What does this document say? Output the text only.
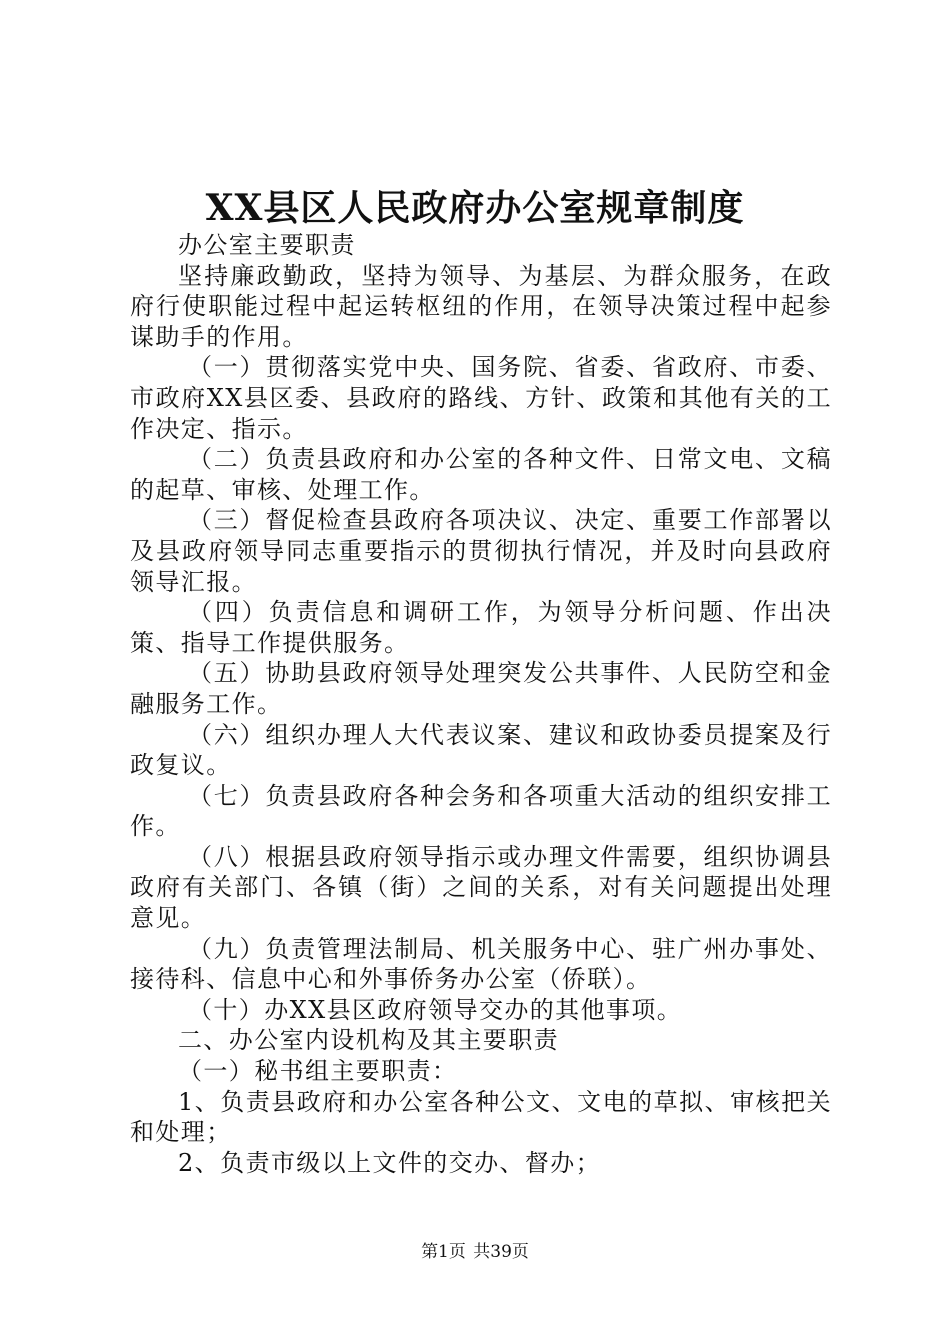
XX县区人民政府办公室规章制度

办公室主要职责

坚持廉政勤政，坚持为领导、为基层、为群众服务，在政府行使职能过程中起运转枢纽的作用，在领导决策过程中起参谋助手的作用。

（一）贯彻落实党中央、国务院、省委、省政府、市委、市政府XX县区委、县政府的路线、方针、政策和其他有关的工作决定、指示。

（二）负责县政府和办公室的各种文件、日常文电、文稿的起草、审核、处理工作。

（三）督促检查县政府各项决议、决定、重要工作部署以及县政府领导同志重要指示的贯彻执行情况，并及时向县政府领导汇报。

（四）负责信息和调研工作，为领导分析问题、作出决策、指导工作提供服务。

（五）协助县政府领导处理突发公共事件、人民防空和金融服务工作。

（六）组织办理人大代表议案、建议和政协委员提案及行政复议。

（七）负责县政府各种会务和各项重大活动的组织安排工作。

（八）根据县政府领导指示或办理文件需要，组织协调县政府有关部门、各镇（街）之间的关系，对有关问题提出处理意见。

（九）负责管理法制局、机关服务中心、驻广州办事处、接待科、信息中心和外事侨务办公室（侨联）。

（十）办XX县区政府领导交办的其他事项。

二、办公室内设机构及其主要职责

（一）秘书组主要职责：

1、负责县政府和办公室各种公文、文电的草拟、审核把关和处理；

2、负责市级以上文件的交办、督办；

第1页 共39页
